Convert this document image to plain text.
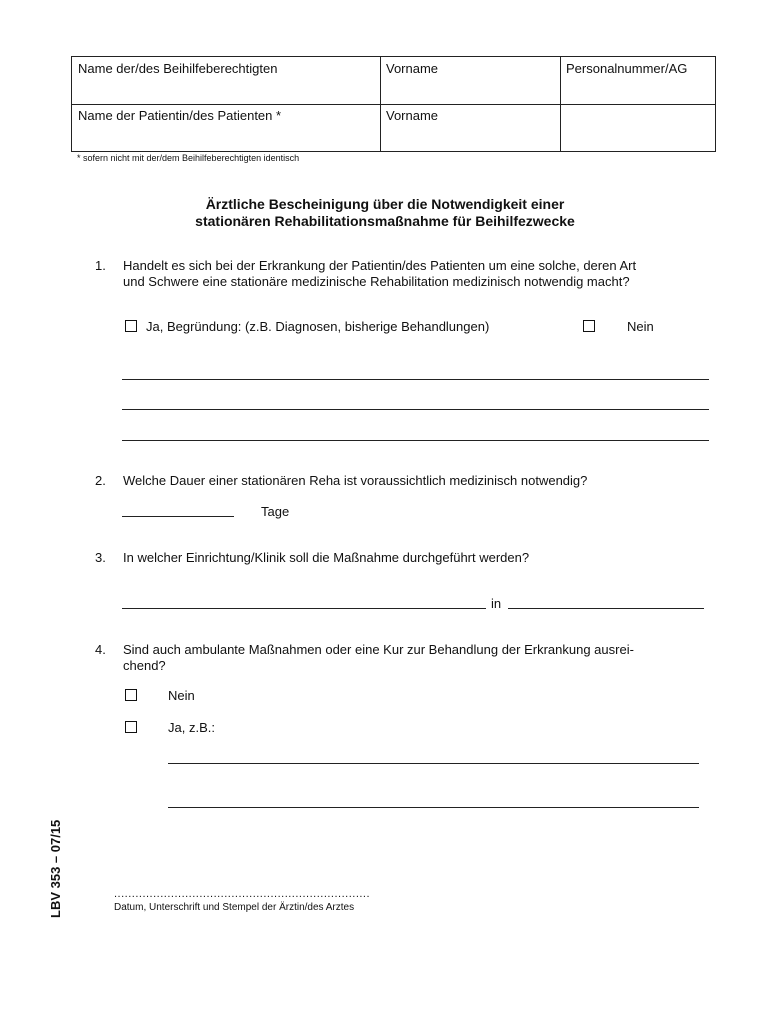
Name der/des Beihilfeberechtigten	Vorname	Personalnummer/AG
Name der Patientin/des Patienten *	Vorname
* sofern nicht mit der/dem Beihilfeberechtigten identisch
Ärztliche Bescheinigung über die Notwendigkeit einer
stationären Rehabilitationsmaßnahme für Beihilfezwecke
1. Handelt es sich bei der Erkrankung der Patientin/des Patienten um eine solche, deren Art
und Schwere eine stationäre medizinische Rehabilitation medizinisch notwendig macht?
Ja, Begründung: (z.B. Diagnosen, bisherige Behandlungen)	Nein
2. Welche Dauer einer stationären Reha ist voraussichtlich medizinisch notwendig?
Tage
3. In welcher Einrichtung/Klinik soll die Maßnahme durchgeführt werden?
in
4. Sind auch ambulante Maßnahmen oder eine Kur zur Behandlung der Erkrankung ausrei-
chend?
Nein
Ja, z.B.:
........................................................................
Datum, Unterschrift und Stempel der Ärztin/des Arztes
LBV 353 – 07/15
